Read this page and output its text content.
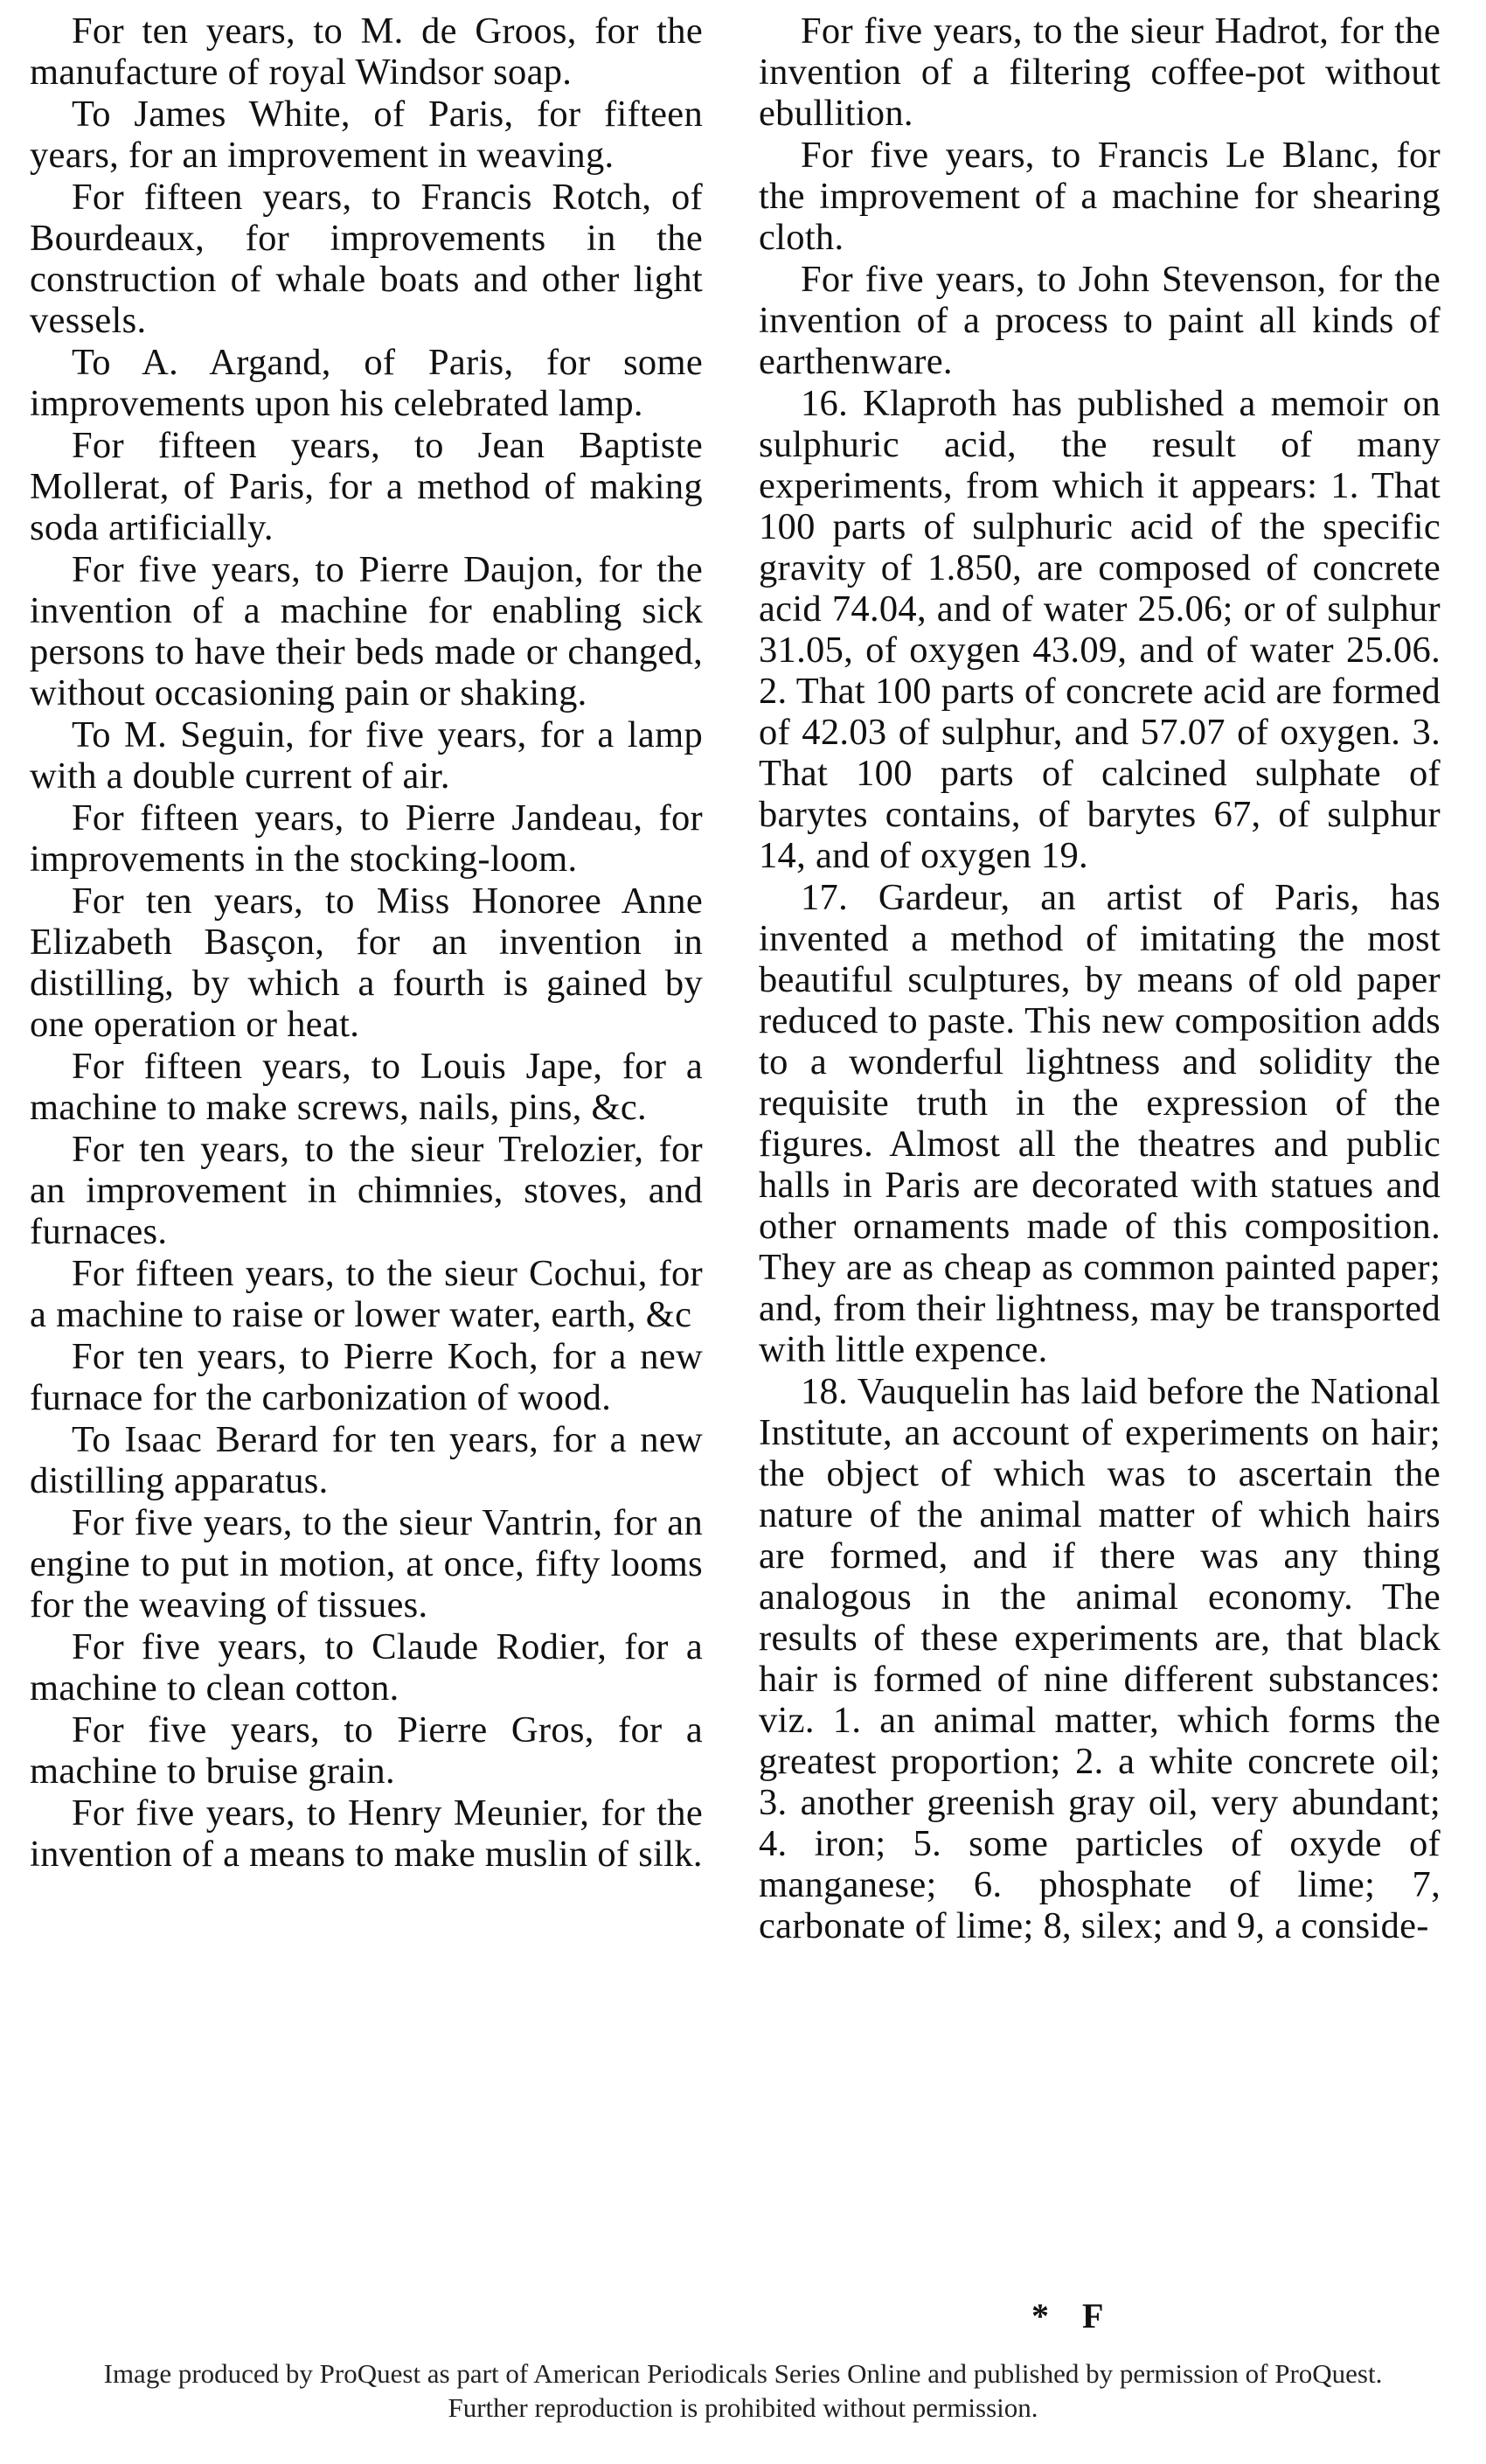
For ten years, to M. de Groos, for the manufacture of royal Windsor soap.

To James White, of Paris, for fifteen years, for an improvement in weaving.

For fifteen years, to Francis Rotch, of Bourdeaux, for improvements in the construction of whale boats and other light vessels.

To A. Argand, of Paris, for some improvements upon his celebrated lamp.

For fifteen years, to Jean Baptiste Mollerat, of Paris, for a method of making soda artificially.

For five years, to Pierre Daujon, for the invention of a machine for enabling sick persons to have their beds made or changed, without occasioning pain or shaking.

To M. Seguin, for five years, for a lamp with a double current of air.

For fifteen years, to Pierre Jandeau, for improvements in the stocking-loom.

For ten years, to Miss Honoree Anne Elizabeth Basçon, for an invention in distilling, by which a fourth is gained by one operation or heat.

For fifteen years, to Louis Jape, for a machine to make screws, nails, pins, &c.

For ten years, to the sieur Trelozier, for an improvement in chimnies, stoves, and furnaces.

For fifteen years, to the sieur Cochui, for a machine to raise or lower water, earth, &c

For ten years, to Pierre Koch, for a new furnace for the carbonization of wood.

To Isaac Berard for ten years, for a new distilling apparatus.

For five years, to the sieur Vantrin, for an engine to put in motion, at once, fifty looms for the weaving of tissues.

For five years, to Claude Rodier, for a machine to clean cotton.

For five years, to Pierre Gros, for a machine to bruise grain.

For five years, to Henry Meunier, for the invention of a means to make muslin of silk.

For five years, to the sieur Hadrot, for the invention of a filtering coffee-pot without ebullition.

For five years, to Francis Le Blanc, for the improvement of a machine for shearing cloth.

For five years, to John Stevenson, for the invention of a process to paint all kinds of earthenware.

16. Klaproth has published a memoir on sulphuric acid, the result of many experiments, from which it appears: 1. That 100 parts of sulphuric acid of the specific gravity of 1.850, are composed of concrete acid 74.04, and of water 25.06; or of sulphur 31.05, of oxygen 43.09, and of water 25.06. 2. That 100 parts of concrete acid are formed of 42.03 of sulphur, and 57.07 of oxygen. 3. That 100 parts of calcined sulphate of barytes contains, of barytes 67, of sulphur 14, and of oxygen 19.

17. Gardeur, an artist of Paris, has invented a method of imitating the most beautiful sculptures, by means of old paper reduced to paste. This new composition adds to a wonderful lightness and solidity the requisite truth in the expression of the figures. Almost all the theatres and public halls in Paris are decorated with statues and other ornaments made of this composition. They are as cheap as common painted paper; and, from their lightness, may be transported with little expence.

18. Vauquelin has laid before the National Institute, an account of experiments on hair; the object of which was to ascertain the nature of the animal matter of which hairs are formed, and if there was any thing analogous in the animal economy. The results of these experiments are, that black hair is formed of nine different substances: viz. 1. an animal matter, which forms the greatest proportion; 2. a white concrete oil; 3. another greenish gray oil, very abundant; 4. iron; 5. some particles of oxyde of manganese; 6. phosphate of lime; 7, carbonate of lime; 8, silex; and 9, a conside-

* F
Image produced by ProQuest as part of American Periodicals Series Online and published by permission of ProQuest.
Further reproduction is prohibited without permission.
